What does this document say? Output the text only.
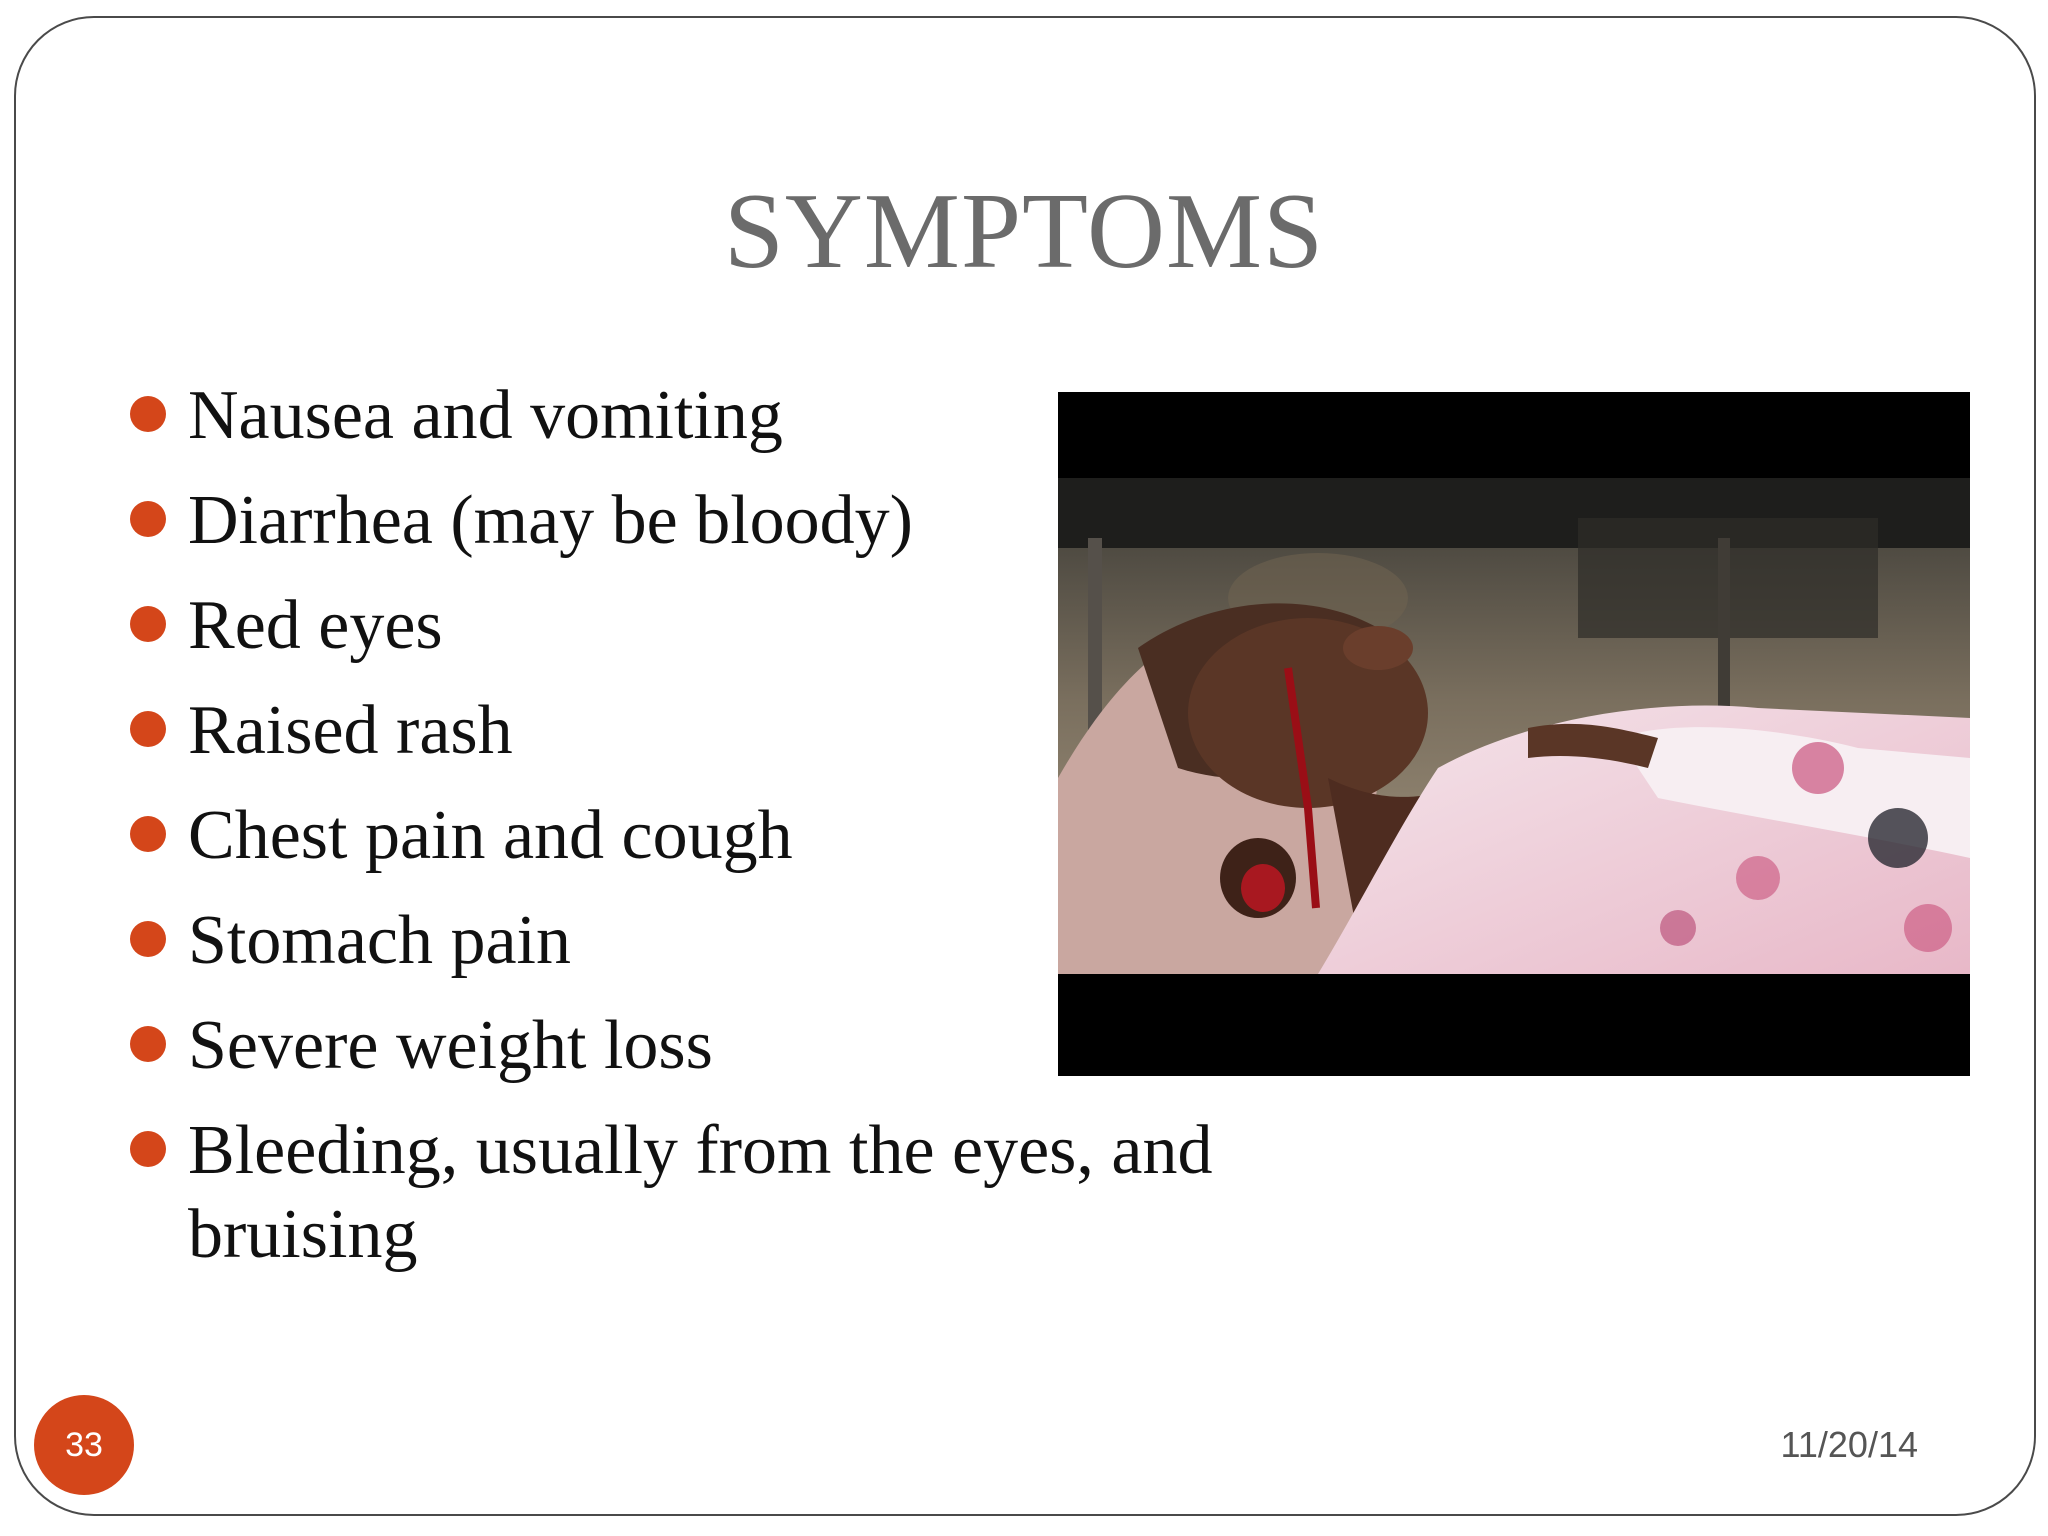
SYMPTOMS
Nausea and vomiting
Diarrhea (may be bloody)
Red eyes
Raised rash
Chest pain and cough
Stomach pain
Severe weight loss
Bleeding, usually from the eyes, and bruising
33	11/20/14
